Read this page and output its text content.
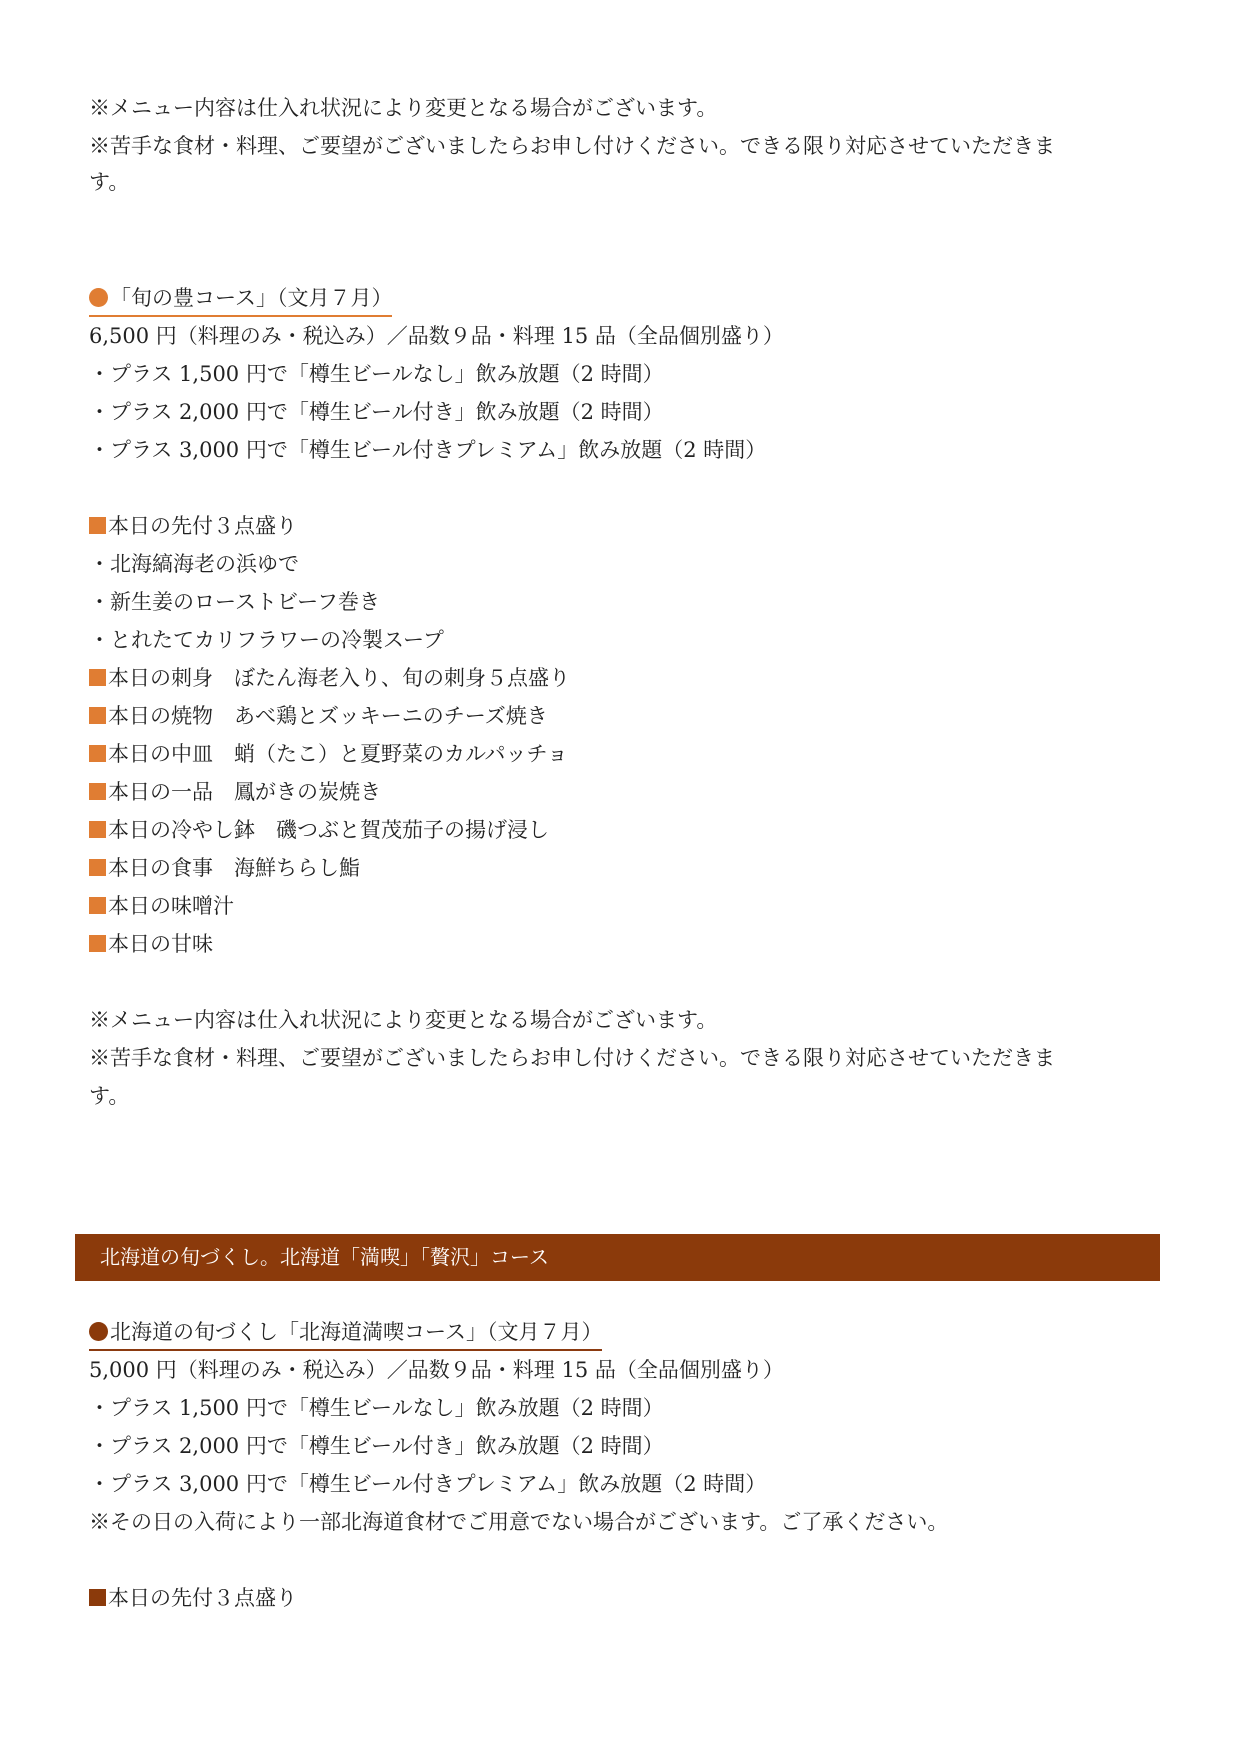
※メニュー内容は仕入れ状況により変更となる場合がございます。
※苦手な食材・料理、ご要望がございましたらお申し付けください。できる限り対応させていただきま
す。
「旬の豊コース」（文月７月）
6,500 円（料理のみ・税込み）／品数９品・料理 15 品（全品個別盛り）
・プラス 1,500 円で「樽生ビールなし」飲み放題（2 時間）
・プラス 2,000 円で「樽生ビール付き」飲み放題（2 時間）
・プラス 3,000 円で「樽生ビール付きプレミアム」飲み放題（2 時間）
本日の先付３点盛り
・北海縞海老の浜ゆで
・新生姜のローストビーフ巻き
・とれたてカリフラワーの冷製スープ
本日の刺身　ぼたん海老入り、旬の刺身５点盛り
本日の焼物　あべ鶏とズッキーニのチーズ焼き
本日の中皿　蛸（たこ）と夏野菜のカルパッチョ
本日の一品　鳳がきの炭焼き
本日の冷やし鉢　磯つぶと賀茂茄子の揚げ浸し
本日の食事　海鮮ちらし鮨
本日の味噌汁
本日の甘味
※メニュー内容は仕入れ状況により変更となる場合がございます。
※苦手な食材・料理、ご要望がございましたらお申し付けください。できる限り対応させていただきま
す。
北海道の旬づくし。北海道「満喫」「贅沢」コース
北海道の旬づくし「北海道満喫コース」（文月７月）
5,000 円（料理のみ・税込み）／品数９品・料理 15 品（全品個別盛り）
・プラス 1,500 円で「樽生ビールなし」飲み放題（2 時間）
・プラス 2,000 円で「樽生ビール付き」飲み放題（2 時間）
・プラス 3,000 円で「樽生ビール付きプレミアム」飲み放題（2 時間）
※その日の入荷により一部北海道食材でご用意でない場合がございます。ご了承ください。
本日の先付３点盛り
